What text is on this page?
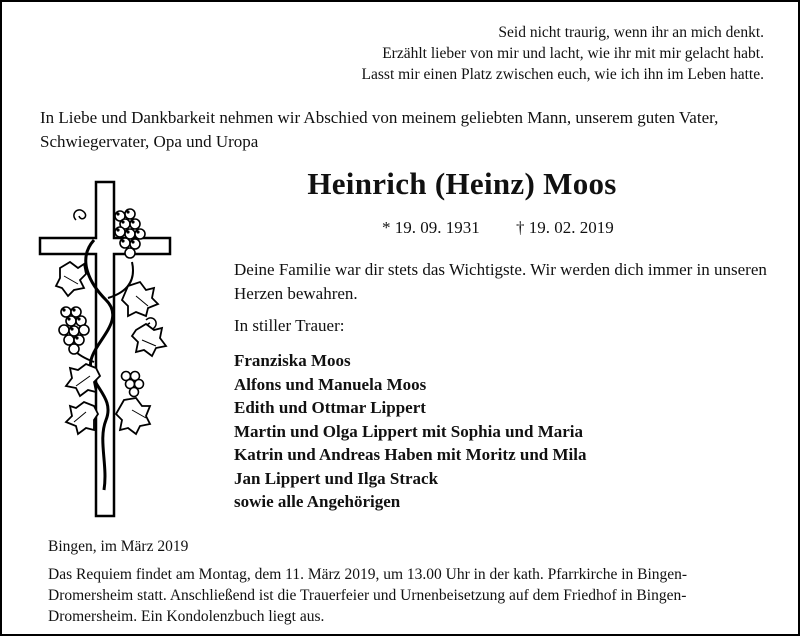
Seid nicht traurig, wenn ihr an mich denkt.
Erzählt lieber von mir und lacht, wie ihr mit mir gelacht habt.
Lasst mir einen Platz zwischen euch, wie ich ihn im Leben hatte.
In Liebe und Dankbarkeit nehmen wir Abschied von meinem geliebten Mann, unserem guten Vater, Schwiegervater, Opa und Uropa
Heinrich (Heinz) Moos
* 19. 09. 1931 † 19. 02. 2019
Deine Familie war dir stets das Wichtigste. Wir werden dich immer in unseren Herzen bewahren.
In stiller Trauer:
Franziska Moos
Alfons und Manuela Moos
Edith und Ottmar Lippert
Martin und Olga Lippert mit Sophia und Maria
Katrin und Andreas Haben mit Moritz und Mila
Jan Lippert und Ilga Strack
sowie alle Angehörigen
Bingen, im März 2019
Das Requiem findet am Montag, dem 11. März 2019, um 13.00 Uhr in der kath. Pfarrkirche in Bingen-Dromersheim statt. Anschließend ist die Trauerfeier und Urnenbeisetzung auf dem Friedhof in Bingen-Dromersheim. Ein Kondolenzbuch liegt aus.
